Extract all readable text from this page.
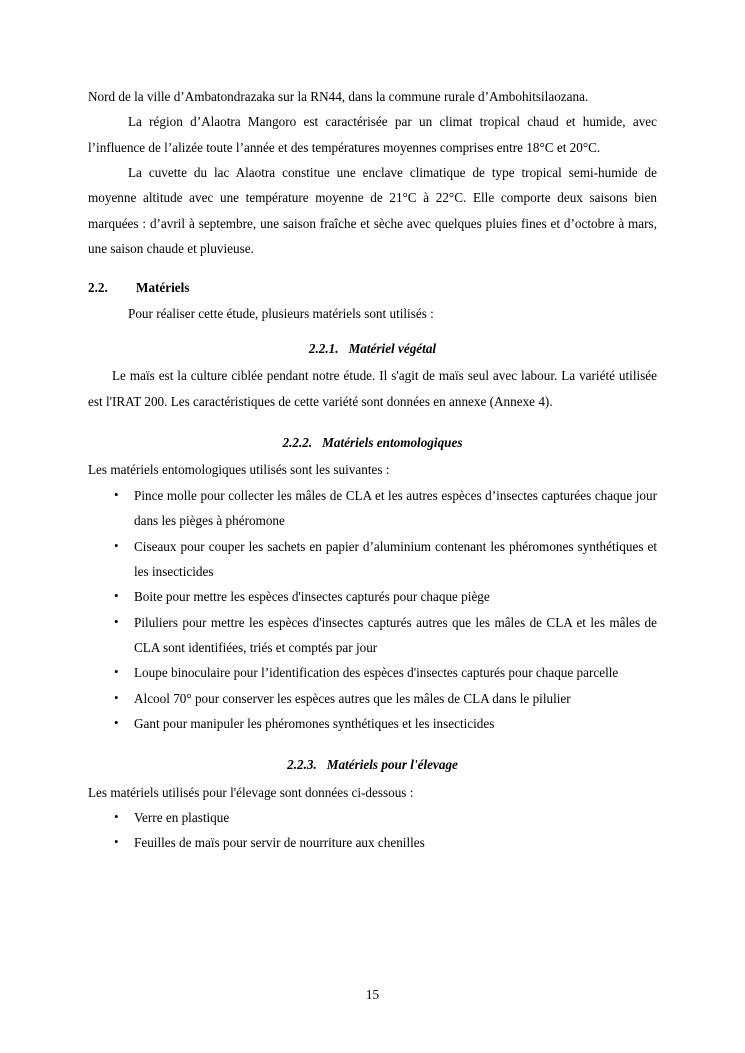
Nord de la ville d’Ambatondrazaka sur la RN44, dans la commune rurale d’Ambohitsilaozana.

La région d’Alaotra Mangoro est caractérisée par un climat tropical chaud et humide, avec l’influence de l’alizée toute l’année et des températures moyennes comprises entre 18°C et 20°C.

La cuvette du lac Alaotra constitue une enclave climatique de type tropical semi-humide de moyenne altitude avec une température moyenne de 21°C à 22°C. Elle comporte deux saisons bien marquées : d’avril à septembre, une saison fraîche et sèche avec quelques pluies fines et d’octobre à mars, une saison chaude et pluvieuse.

2.2. Matériels

Pour réaliser cette étude, plusieurs matériels sont utilisés :

2.2.1. Matériel végétal

Le maïs est la culture ciblée pendant notre étude. Il s'agit de maïs seul avec labour. La variété utilisée est l'IRAT 200. Les caractéristiques de cette variété sont données en annexe (Annexe 4).

2.2.2. Matériels entomologiques

Les matériels entomologiques utilisés sont les suivantes :

• Pince molle pour collecter les mâles de CLA et les autres espèces d’insectes capturées chaque jour dans les pièges à phéromone
• Ciseaux pour couper les sachets en papier d’aluminium contenant les phéromones synthétiques et les insecticides
• Boite pour mettre les espèces d'insectes capturés pour chaque piège
• Piluliers pour mettre les espèces d'insectes capturés autres que les mâles de CLA et les mâles de CLA sont identifiées, triés et comptés par jour
• Loupe binoculaire pour l’identification des espèces d'insectes capturés pour chaque parcelle
• Alcool 70° pour conserver les espèces autres que les mâles de CLA dans le pilulier
• Gant pour manipuler les phéromones synthétiques et les insecticides

2.2.3. Matériels pour l'élevage

Les matériels utilisés pour l'élevage sont données ci-dessous :

• Verre en plastique
• Feuilles de maïs pour servir de nourriture aux chenilles
15
